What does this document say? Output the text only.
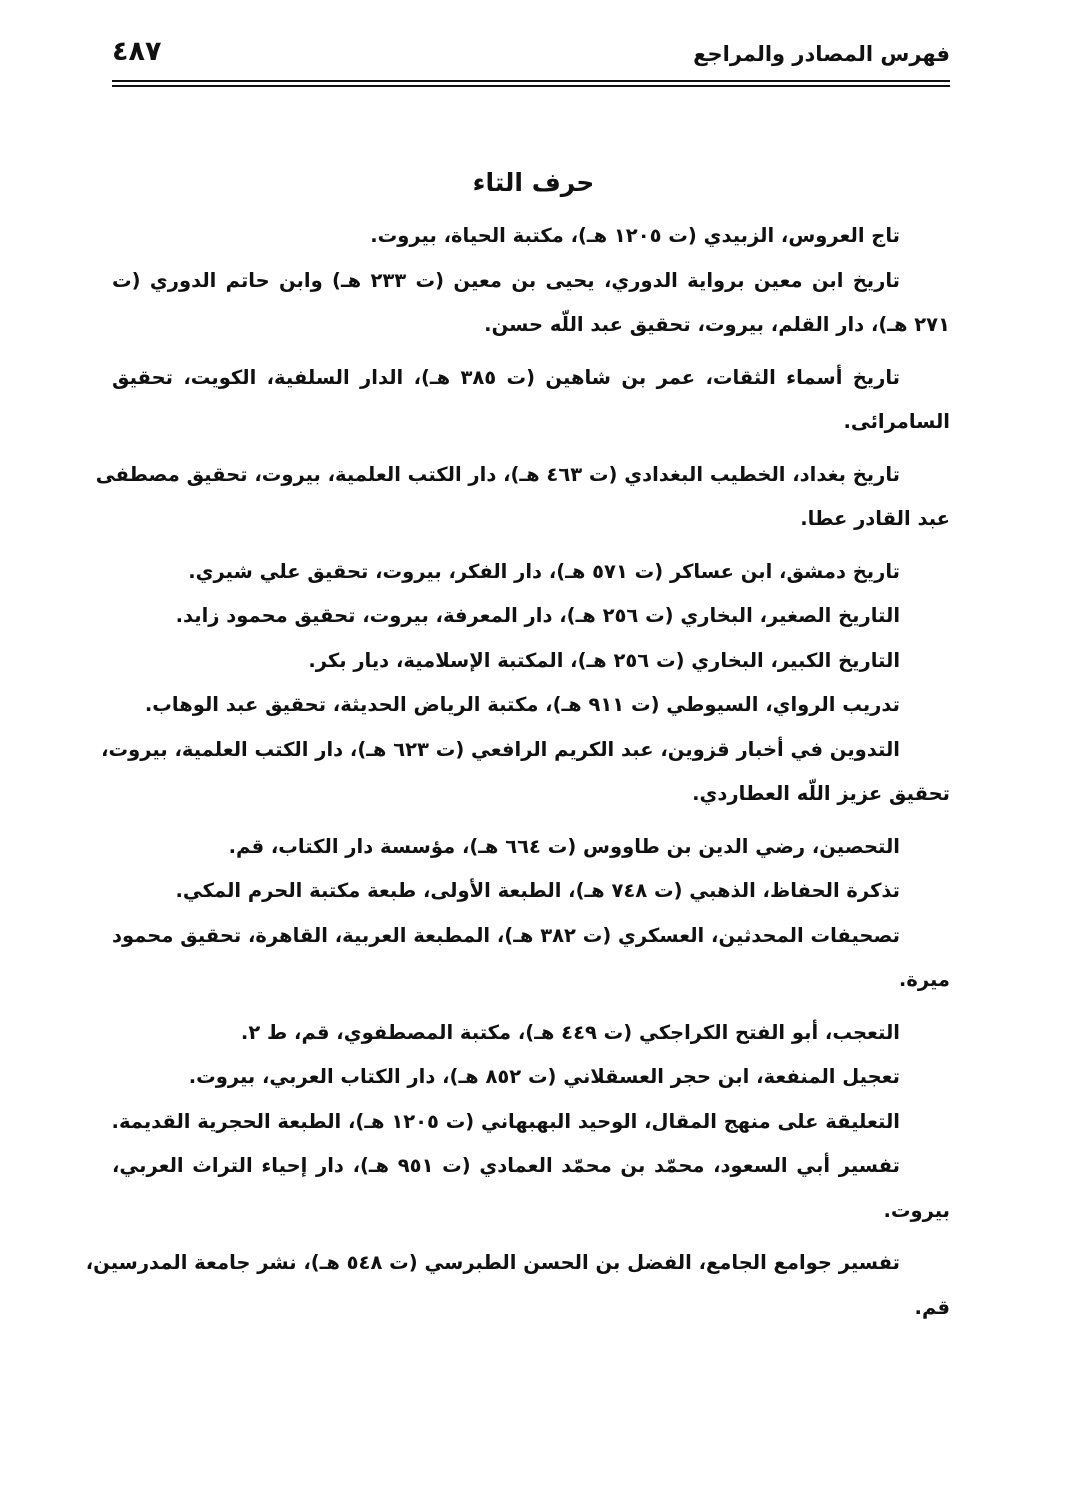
فهرس المصادر والمراجع
٤٨٧
حرف التاء
تاج العروس، الزبيدي (ت ١٢٠٥ هـ)، مكتبة الحياة، بيروت.
تاريخ ابن معين برواية الدوري، يحيى بن معين (ت ٢٣٣ هـ) وابن حاتم الدوري (ت
٢٧١ هـ)، دار القلم، بيروت، تحقيق عبد اللّه حسن.
تاريخ أسماء الثقات، عمر بن شاهين (ت ٣٨٥ هـ)، الدار السلفية، الكويت، تحقيق
السامرائى.
تاريخ بغداد، الخطيب البغدادي (ت ٤٦٣ هـ)، دار الكتب العلمية، بيروت، تحقيق مصطفى
عبد القادر عطا.
تاريخ دمشق، ابن عساكر (ت ٥٧١ هـ)، دار الفكر، بيروت، تحقيق علي شيري.
التاريخ الصغير، البخاري (ت ٢٥٦ هـ)، دار المعرفة، بيروت، تحقيق محمود زايد.
التاريخ الكبير، البخاري (ت ٢٥٦ هـ)، المكتبة الإسلامية، ديار بكر.
تدريب الرواي، السيوطي (ت ٩١١ هـ)، مكتبة الرياض الحديثة، تحقيق عبد الوهاب.
التدوين في أخبار قزوين، عبد الكريم الرافعي (ت ٦٢٣ هـ)، دار الكتب العلمية، بيروت،
تحقيق عزيز اللّه العطاردي.
التحصين، رضي الدين بن طاووس (ت ٦٦٤ هـ)، مؤسسة دار الكتاب، قم.
تذكرة الحفاظ، الذهبي (ت ٧٤٨ هـ)، الطبعة الأولى، طبعة مكتبة الحرم المكي.
تصحيفات المحدثين، العسكري (ت ٣٨٢ هـ)، المطبعة العربية، القاهرة، تحقيق محمود
ميرة.
التعجب، أبو الفتح الكراجكي (ت ٤٤٩ هـ)، مكتبة المصطفوي، قم، ط ٢.
تعجيل المنفعة، ابن حجر العسقلاني (ت ٨٥٢ هـ)، دار الكتاب العربي، بيروت.
التعليقة على منهج المقال، الوحيد البهبهاني (ت ١٢٠٥ هـ)، الطبعة الحجرية القديمة.
تفسير أبي السعود، محمّد بن محمّد العمادي (ت ٩٥١ هـ)، دار إحياء التراث العربي،
بيروت.
تفسير جوامع الجامع، الفضل بن الحسن الطبرسي (ت ٥٤٨ هـ)، نشر جامعة المدرسين،
قم.
